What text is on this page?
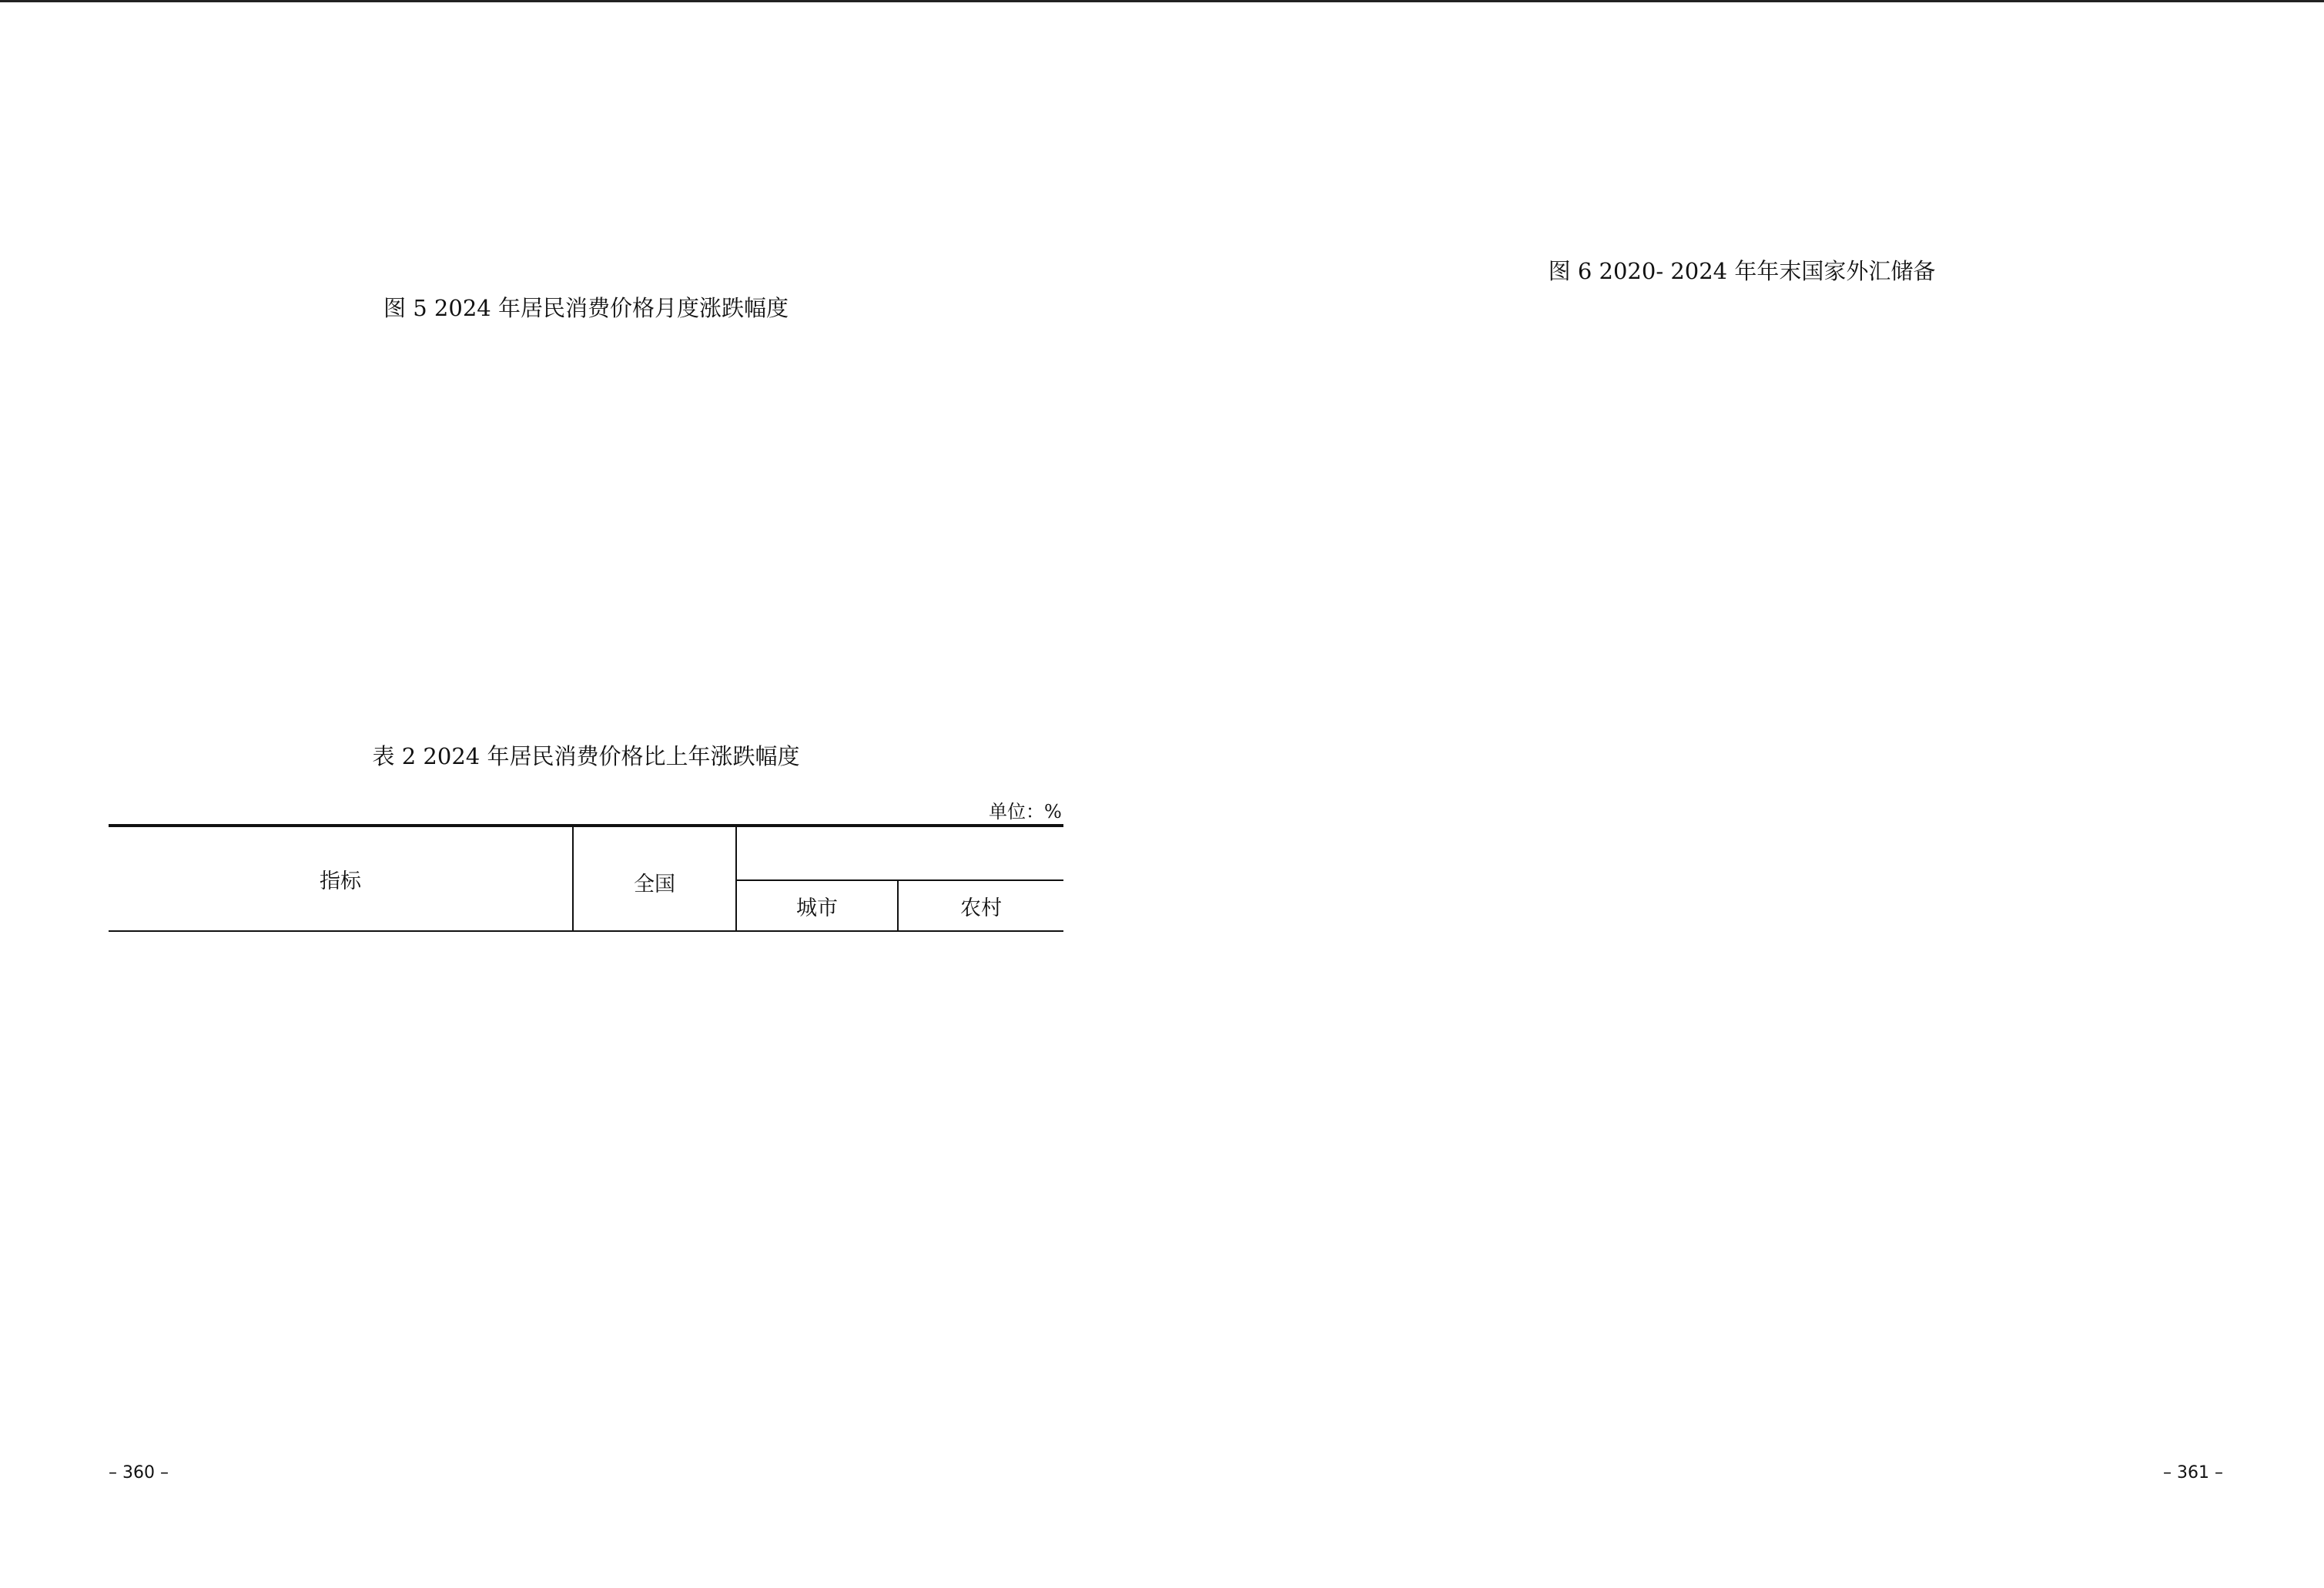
图 5 2024 年居民消费价格月度涨跌幅度
表 2 2024 年居民消费价格比上年涨跌幅度
单位：%
指标	全国		
		城市	农村
– 360 –
图 6 2020- 2024 年年末国家外汇储备
– 361 –
